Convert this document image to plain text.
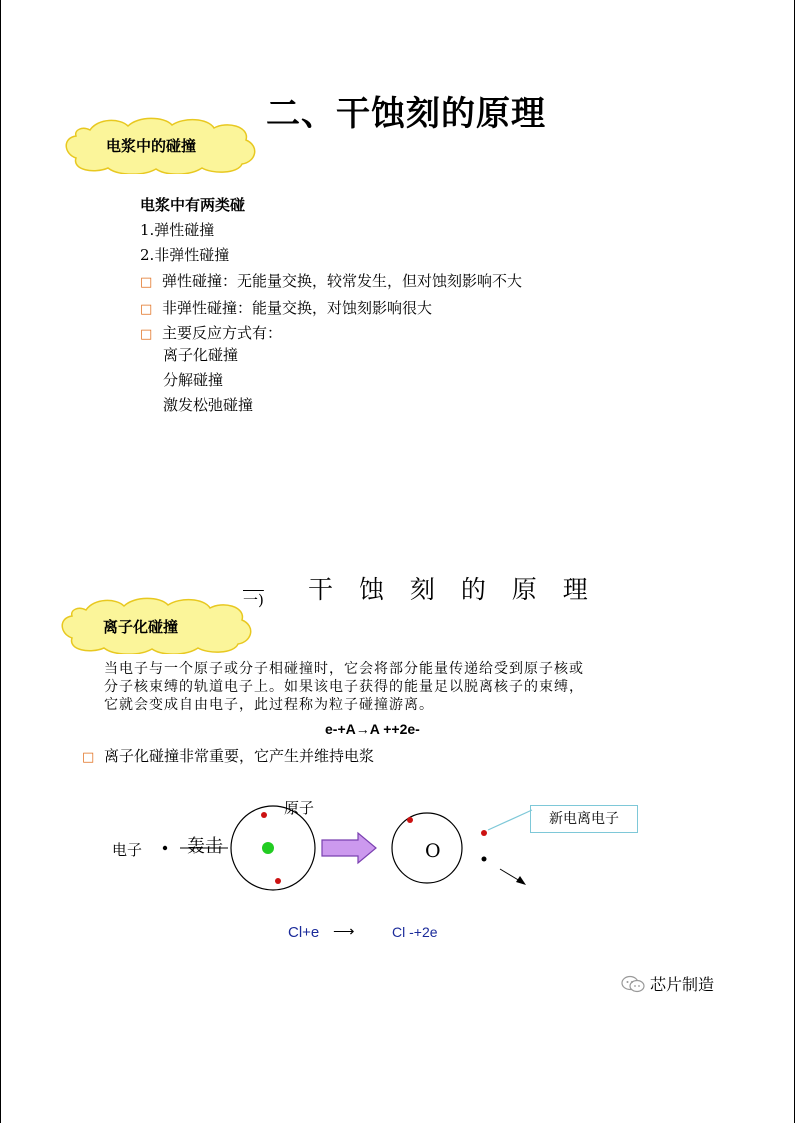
二、干蚀刻的原理
电浆中的碰撞
电浆中有两类碰
1.弹性碰撞
2.非弹性碰撞
□ 弹性碰撞：无能量交换，较常发生，但对蚀刻影响不大
□ 非弹性碰撞：能量交换，对蚀刻影响很大
□ 主要反应方式有：
离子化碰撞
分解碰撞
激发松弛碰撞
一) 干 蚀 刻 的 原 理
离子化碰撞
当电子与一个原子或分子相碰撞时，它会将部分能量传递给受到原子核或
分子核束缚的轨道电子上。如果该电子获得的能量足以脱离核子的束缚，
它就会变成自由电子，此过程称为粒子碰撞游离。
e-+A→A ++2e-
□ 离子化碰撞非常重要，它产生并维持电浆
原子
电子 轰击	O
新电离电子
Cl+e ⟶	Cl -+2e
芯片制造
